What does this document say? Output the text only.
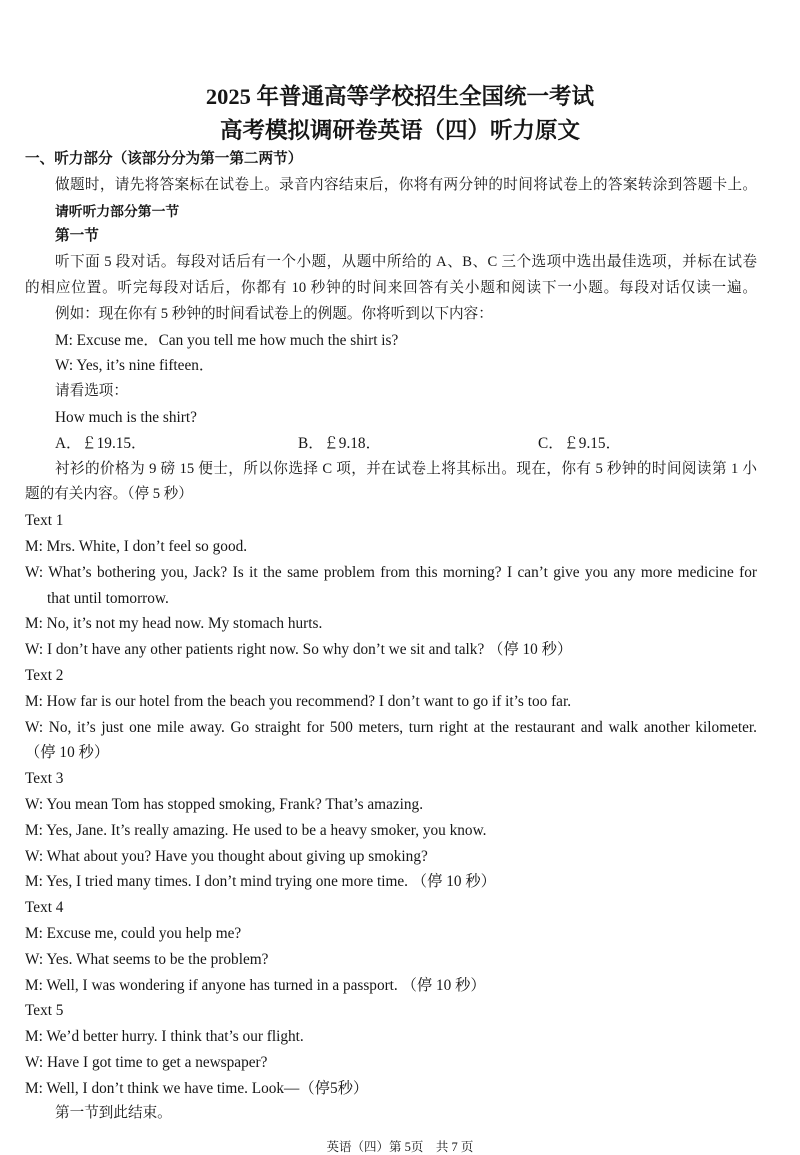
2025 年普通高等学校招生全国统一考试
高考模拟调研卷英语（四）听力原文
一、听力部分（该部分分为第一第二两节）
做题时，请先将答案标在试卷上。录音内容结束后，你将有两分钟的时间将试卷上的答案转涂到答题卡上。
请听听力部分第一节
第一节
听下面 5 段对话。每段对话后有一个小题，从题中所给的 A、B、C 三个选项中选出最佳选项，并标在试卷
的相应位置。听完每段对话后，你都有 10 秒钟的时间来回答有关小题和阅读下一小题。每段对话仅读一遍。
例如：现在你有 5 秒钟的时间看试卷上的例题。你将听到以下内容：
M: Excuse me．Can you tell me how much the shirt is?
W: Yes, it’s nine fifteen．
请看选项：
How much is the shirt?
A．￡19.15．	B．￡9.18．	C．￡9.15．
衬衫的价格为 9 磅 15 便士，所以你选择 C 项，并在试卷上将其标出。现在，你有 5 秒钟的时间阅读第 1 小
题的有关内容。（停 5 秒）
Text 1
M: Mrs. White, I don’t feel so good.
W: What’s bothering you, Jack? Is it the same problem from this morning? I can’t give you any more medicine for
that until tomorrow.
M: No, it’s not my head now. My stomach hurts.
W: I don’t have any other patients right now. So why don’t we sit and talk? （停 10 秒）
Text 2
M: How far is our hotel from the beach you recommend? I don’t want to go if it’s too far.
W: No, it’s just one mile away. Go straight for 500 meters, turn right at the restaurant and walk another kilometer.
（停 10 秒）
Text 3
W: You mean Tom has stopped smoking, Frank? That’s amazing.
M: Yes, Jane. It’s really amazing. He used to be a heavy smoker, you know.
W: What about you? Have you thought about giving up smoking?
M: Yes, I tried many times. I don’t mind trying one more time. （停 10 秒）
Text 4
M: Excuse me, could you help me?
W: Yes. What seems to be the problem?
M: Well, I was wondering if anyone has turned in a passport. （停 10 秒）
Text 5
M: We’d better hurry. I think that’s our flight.
W: Have I got time to get a newspaper?
M: Well, I don’t think we have time. Look—（停5秒）
第一节到此结束。
英语（四）第 5页　共 7 页
